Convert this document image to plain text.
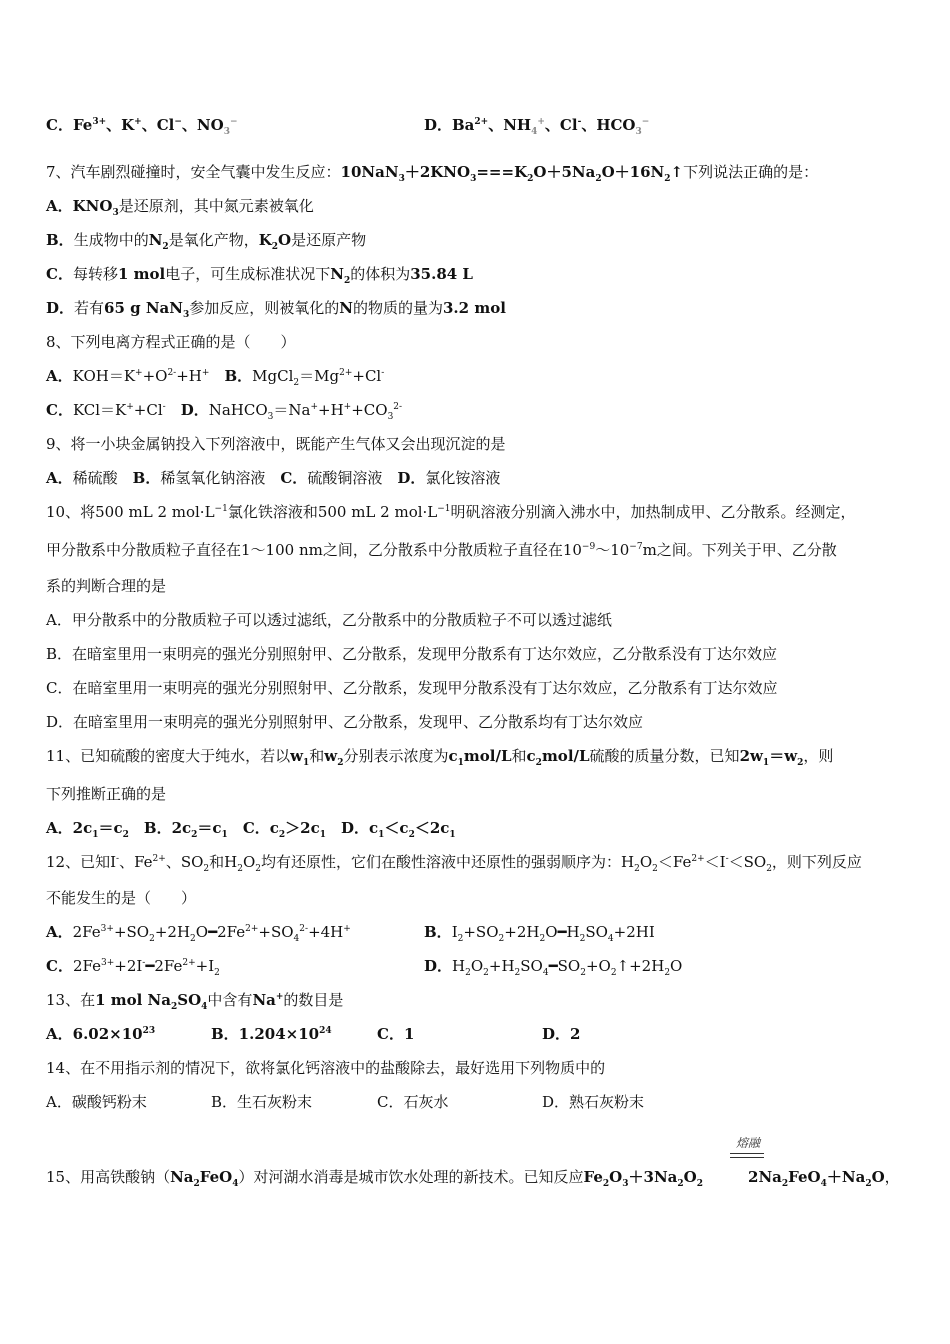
C．$Fe^{3+}$、K+、Cl−、$NO_3^-$	D．$Ba^{2+}$、$NH_4^+$、Cl-、$HCO_3^-$
7、汽车剧烈碰撞时，安全气囊中发生反应：$10NaN_3+2KNO_3===K_2O+5Na_2O+16N_2↑$下列说法正确的是：
A．$KNO_3$是还原剂，其中氮元素被氧化
B．生成物中的$N_2$是氧化产物，$K_2O$是还原产物
C．每转移1 mol电子，可生成标准状况下$N_2$的体积为35.84 L
D．若有65 g NaN$_3$参加反应，则被氧化的N的物质的量为3.2 mol
8、下列电离方程式正确的是（　　）
A．$KOH=K^++O^{2-}+H^+$　 B．$MgCl_2=Mg^{2+}+Cl^-$
C．KCl＝K++Cl-　 D．$NaHCO_3=Na^++H^++CO_3^{2-}$
9、将一小块金属钠投入下列溶液中，既能产生气体又会出现沉淀的是
A．稀硫酸　B．稀氢氧化钠溶液　C．硫酸铜溶液　D．氯化铵溶液
10、将500 mL 2 $mol\cdot L^{-1}$氯化铁溶液和500 mL 2 $mol\cdot L^{-1}$明矾溶液分别滴入沸水中，加热制成甲、乙分散系。经测定，
甲分散系中分散质粒子直径在1～100 nm之间，乙分散系中分散质粒子直径在$10^{-9}\sim 10^{-7}m$之间。下列关于甲、乙分散
系的判断合理的是
A．甲分散系中的分散质粒子可以透过滤纸，乙分散系中的分散质粒子不可以透过滤纸
B．在暗室里用一束明亮的强光分别照射甲、乙分散系，发现甲分散系有丁达尔效应，乙分散系没有丁达尔效应
C．在暗室里用一束明亮的强光分别照射甲、乙分散系，发现甲分散系没有丁达尔效应，乙分散系有丁达尔效应
D．在暗室里用一束明亮的强光分别照射甲、乙分散系，发现甲、乙分散系均有丁达尔效应
11、已知硫酸的密度大于纯水，若以$w_1$和$w_2$分别表示浓度为$c_1mol/L$和$c_2mol/L$硫酸的质量分数，已知$2w_1=w_2$，则
下列推断正确的是
A．$2c_1=c_2$　B．$2c_2=c_1$　C．$c_2>2c_1$　D．$c_1<c_2<2c_1$
12、已知I-、$Fe^{2+}$、$SO_2$和$H_2O_2$均有还原性，它们在酸性溶液中还原性的强弱顺序为：$H_2O_2<Fe^{2+}<I^-<SO_2$，则下列反应
不能发生的是（　　）
A．$2Fe^{3+}+SO_2+2H_2O━2Fe^{2+}+SO_4^{2-}+4H^+$	B．$I_2+SO_2+2H_2O━H_2SO_4+2HI$
C．$2Fe^{3+}+2I^-━2Fe^{2+}+I_2$	D．$H_2O_2+H_2SO_4━SO_2+O_2↑+2H_2O$
13、在1 mol $Na_2SO_4$中含有Na+的数目是
A．$6.02\times 10^{23}$	B．$1.204\times 10^{24}$	C．1	D．2
14、在不用指示剂的情况下，欲将氯化钙溶液中的盐酸除去，最好选用下列物质中的
A．碳酸钙粉末	B．生石灰粉末	C．石灰水	D．熟石灰粉末
熔融
15、用高铁酸钠$(Na_2FeO_4)$对河湖水消毒是城市饮水处理的新技术。已知反应$Fe_2O_3+3Na_2O_2$　　　	$2Na_2FeO_4+Na_2O$，
